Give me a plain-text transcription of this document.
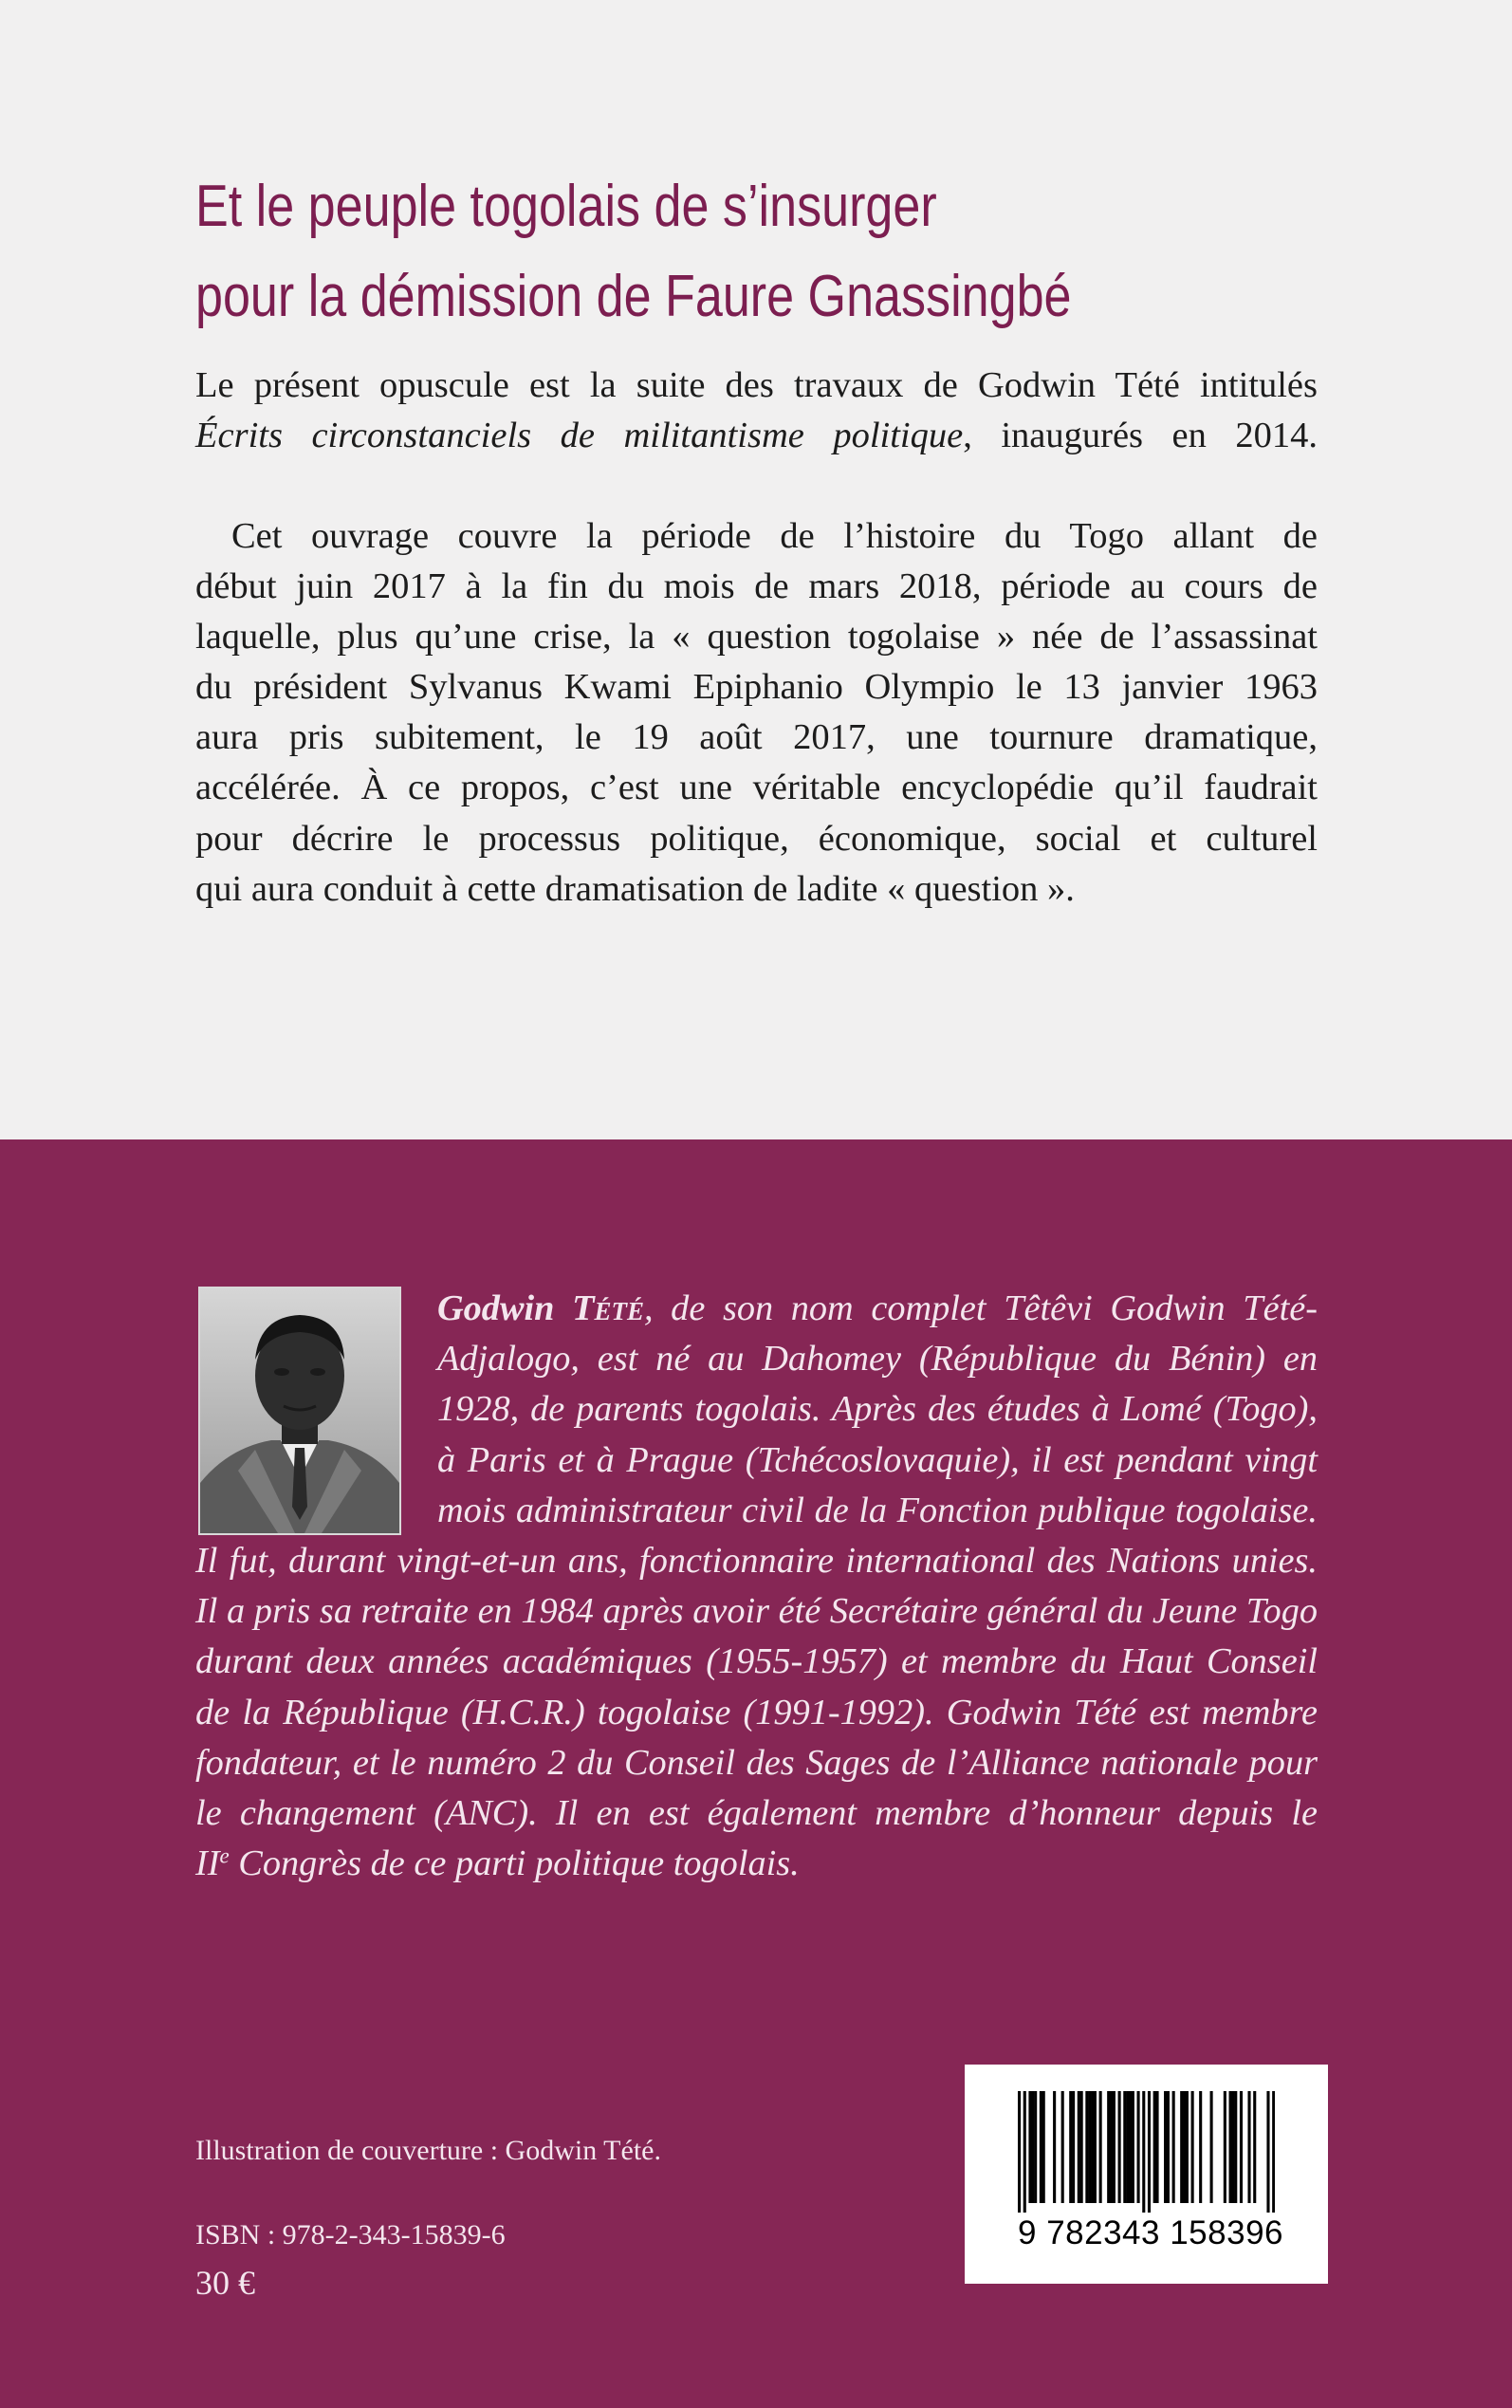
Et le peuple togolais de s’insurger
pour la démission de Faure Gnassingbé
Le présent opuscule est la suite des travaux de Godwin Tété intitulés
Écrits circonstanciels de militantisme politique, inaugurés en 2014.
Cet ouvrage couvre la période de l’histoire du Togo allant de
début juin 2017 à la fin du mois de mars 2018, période au cours de
laquelle, plus qu’une crise, la « question togolaise » née de l’assassinat
du président Sylvanus Kwami Epiphanio Olympio le 13 janvier 1963
aura pris subitement, le 19 août 2017, une tournure dramatique,
accélérée. À ce propos, c’est une véritable encyclopédie qu’il faudrait
pour décrire le processus politique, économique, social et culturel
qui aura conduit à cette dramatisation de ladite « question ».
Godwin Tété, de son nom complet Têtêvi Godwin Tété-
Adjalogo, est né au Dahomey (République du Bénin) en
1928, de parents togolais. Après des études à Lomé (Togo),
à Paris et à Prague (Tchécoslovaquie), il est pendant vingt
mois administrateur civil de la Fonction publique togolaise.
Il fut, durant vingt-et-un ans, fonctionnaire international des Nations unies.
Il a pris sa retraite en 1984 après avoir été Secrétaire général du Jeune Togo
durant deux années académiques (1955-1957) et membre du Haut Conseil
de la République (H.C.R.) togolaise (1991-1992). Godwin Tété est membre
fondateur, et le numéro 2 du Conseil des Sages de l’Alliance nationale pour
le changement (ANC). Il en est également membre d’honneur depuis le
IIe Congrès de ce parti politique togolais.
Illustration de couverture : Godwin Tété.
ISBN : 978-2-343-15839-6
30 €
9 782343 158396
